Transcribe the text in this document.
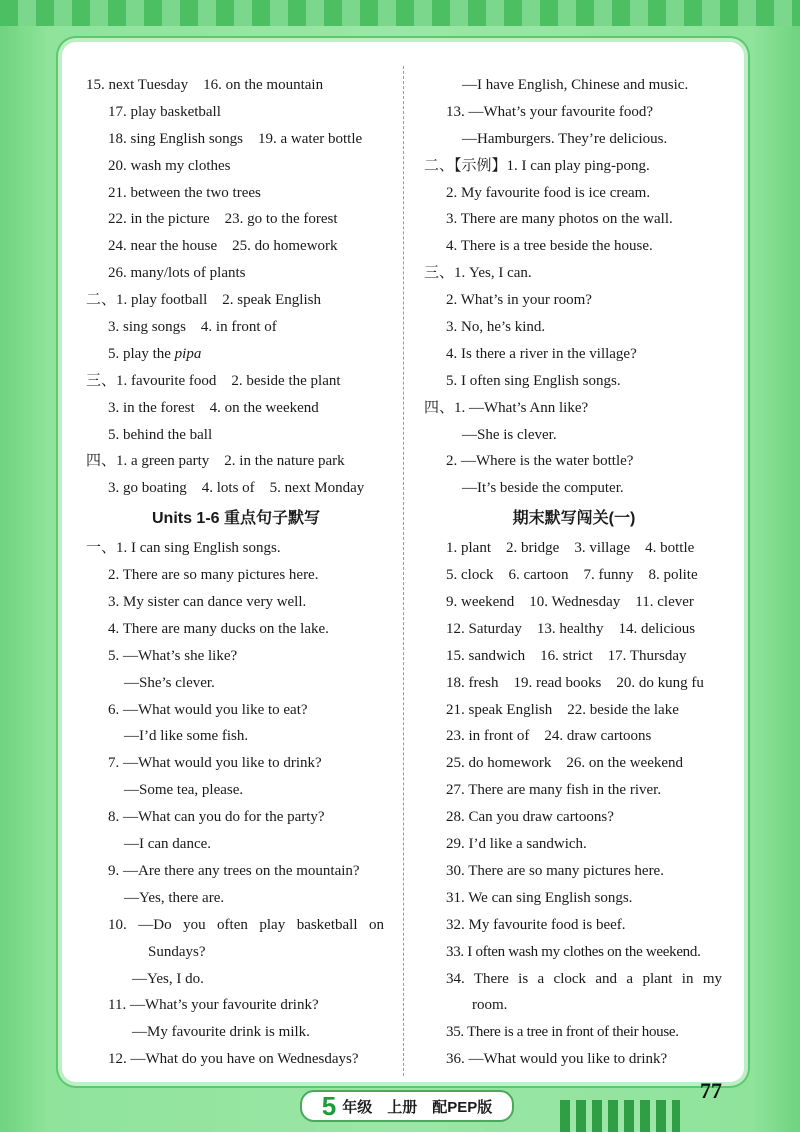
15. next Tuesday　16. on the mountain
17. play basketball
18. sing English songs　19. a water bottle
20. wash my clothes
21. between the two trees
22. in the picture　23. go to the forest
24. near the house　25. do homework
26. many/lots of plants
二、1. play football　2. speak English
3. sing songs　4. in front of
5. play the pipa
三、1. favourite food　2. beside the plant
3. in the forest　4. on the weekend
5. behind the ball
四、1. a green party　2. in the nature park
3. go boating　4. lots of　5. next Monday
Units 1-6 重点句子默写
一、1. I can sing English songs.
2. There are so many pictures here.
3. My sister can dance very well.
4. There are many ducks on the lake.
5. —What’s she like?
—She’s clever.
6. —What would you like to eat?
—I’d like some fish.
7. —What would you like to drink?
—Some tea, please.
8. —What can you do for the party?
—I can dance.
9. —Are there any trees on the mountain?
—Yes, there are.
10. —Do you often play basketball on
Sundays?
—Yes, I do.
11. —What’s your favourite drink?
—My favourite drink is milk.
12. —What do you have on Wednesdays?
—I have English, Chinese and music.
13. —What’s your favourite food?
—Hamburgers. They’re delicious.
二、【示例】1. I can play ping-pong.
2. My favourite food is ice cream.
3. There are many photos on the wall.
4. There is a tree beside the house.
三、1. Yes, I can.
2. What’s in your room?
3. No, he’s kind.
4. Is there a river in the village?
5. I often sing English songs.
四、1. —What’s Ann like?
—She is clever.
2. —Where is the water bottle?
—It’s beside the computer.
期末默写闯关(一)
1. plant　2. bridge　3. village　4. bottle
5. clock　6. cartoon　7. funny　8. polite
9. weekend　10. Wednesday　11. clever
12. Saturday　13. healthy　14. delicious
15. sandwich　16. strict　17. Thursday
18. fresh　19. read books　20. do kung fu
21. speak English　22. beside the lake
23. in front of　24. draw cartoons
25. do homework　26. on the weekend
27. There are many fish in the river.
28. Can you draw cartoons?
29. I’d like a sandwich.
30. There are so many pictures here.
31. We can sing English songs.
32. My favourite food is beef.
33. I often wash my clothes on the weekend.
34. There is a clock and a plant in my
room.
35. There is a tree in front of their house.
36. —What would you like to drink?
5 年级　上册　配PEP版
77
